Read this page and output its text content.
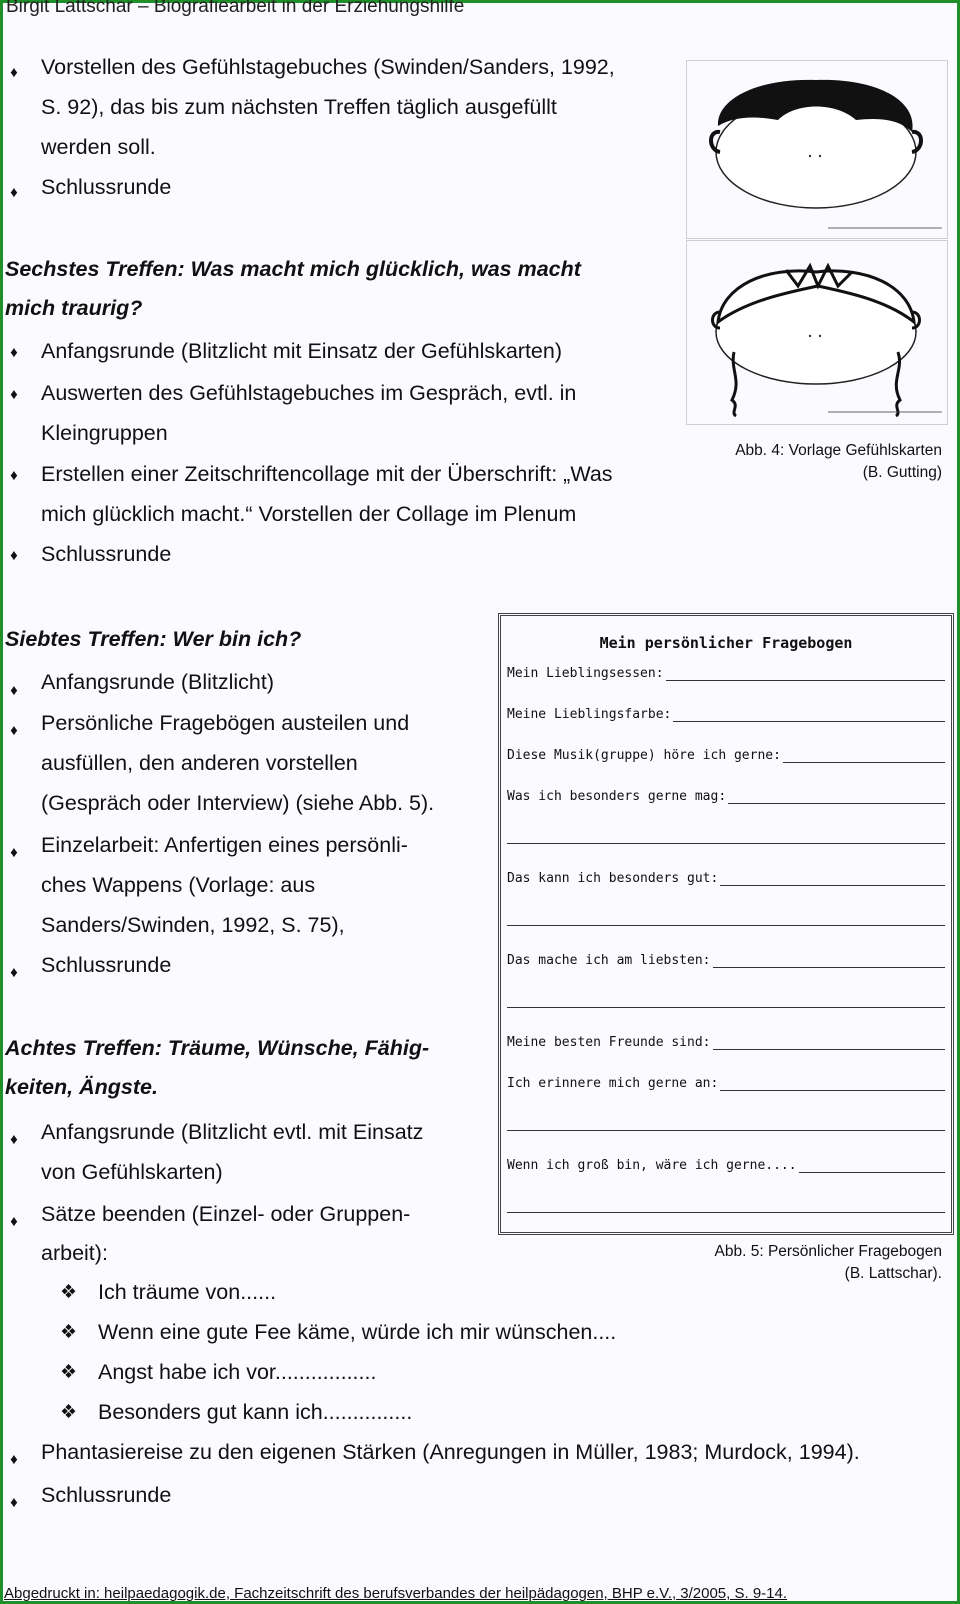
Birgit Lattschar – Biografiearbeit in der Erziehungshilfe
♦ Vorstellen des Gefühlstagebuches (Swinden/Sanders, 1992,
S. 92), das bis zum nächsten Treffen täglich ausgefüllt
werden soll.
♦ Schlussrunde
Sechstes Treffen: Was macht mich glücklich, was macht
mich traurig?
♦ Anfangsrunde (Blitzlicht mit Einsatz der Gefühlskarten)
♦ Auswerten des Gefühlstagebuches im Gespräch, evtl. in
Kleingruppen
♦ Erstellen einer Zeitschriftencollage mit der Überschrift: „Was
mich glücklich macht.“ Vorstellen der Collage im Plenum
♦ Schlussrunde
Abb. 4: Vorlage Gefühlskarten
(B. Gutting)
Siebtes Treffen: Wer bin ich?
♦ Anfangsrunde (Blitzlicht)
♦ Persönliche Fragebögen austeilen und
ausfüllen, den anderen vorstellen
(Gespräch oder Interview) (siehe Abb. 5).
♦ Einzelarbeit: Anfertigen eines persönli-
ches Wappens (Vorlage: aus
Sanders/Swinden, 1992, S. 75),
♦ Schlussrunde
Mein persönlicher Fragebogen
Mein Lieblingsessen:
Meine Lieblingsfarbe:
Diese Musik(gruppe) höre ich gerne:
Was ich besonders gerne mag:
Das kann ich besonders gut:
Das mache ich am liebsten:
Meine besten Freunde sind:
Ich erinnere mich gerne an:
Wenn ich groß bin, wäre ich gerne....
Abb. 5: Persönlicher Fragebogen
(B. Lattschar).
Achtes Treffen: Träume, Wünsche, Fähig-
keiten, Ängste.
♦ Anfangsrunde (Blitzlicht evtl. mit Einsatz
von Gefühlskarten)
♦ Sätze beenden (Einzel- oder Gruppen-
arbeit):
❖ Ich träume von......
❖ Wenn eine gute Fee käme, würde ich mir wünschen....
❖ Angst habe ich vor.................
❖ Besonders gut kann ich...............
♦ Phantasiereise zu den eigenen Stärken (Anregungen in Müller, 1983; Murdock, 1994).
♦ Schlussrunde
Abgedruckt in: heilpaedagogik.de, Fachzeitschrift des berufsverbandes der heilpädagogen, BHP e.V., 3/2005, S. 9-14.
